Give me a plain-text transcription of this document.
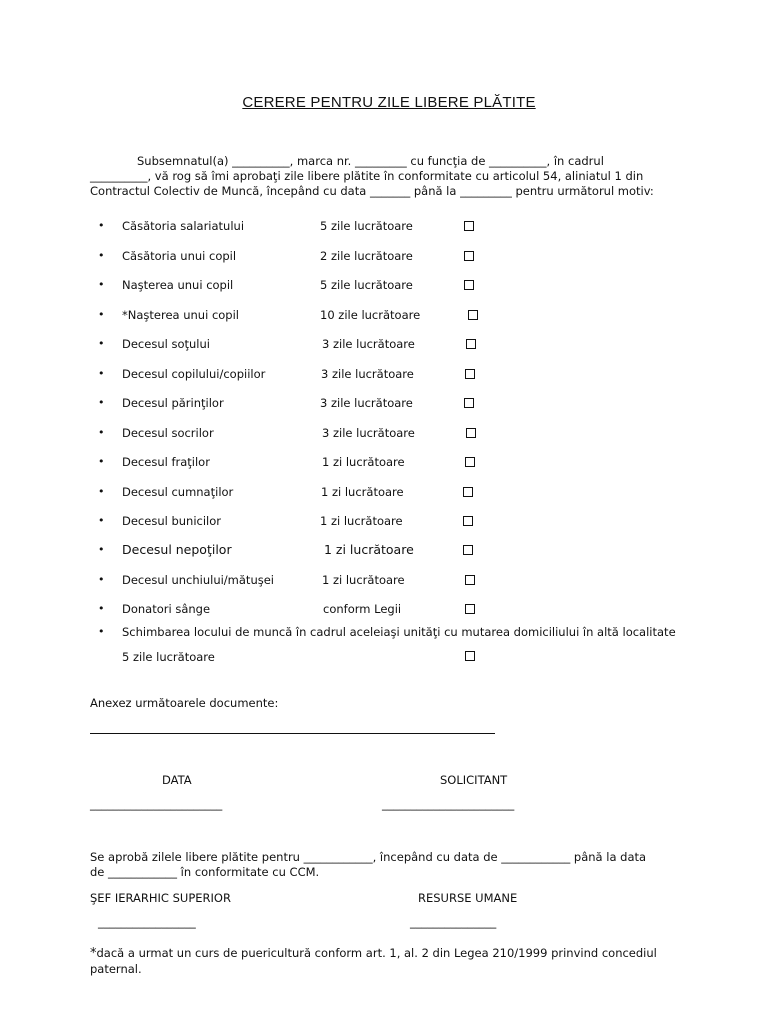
CERERE PENTRU ZILE LIBERE PLĂTITE
Subsemnatul(a) __________, marca nr. _________ cu funcţia de __________, în cadrul
__________, vă rog să îmi aprobaţi zile libere plătite în conformitate cu articolul 54, aliniatul 1 din
Contractul Colectiv de Muncă, începând cu data _______ până la _________ pentru următorul motiv:
• Căsătoria salariatului	5 zile lucrătoare
• Căsătoria unui copil	2 zile lucrătoare
• Naşterea unui copil	5 zile lucrătoare
• *Naşterea unui copil	10 zile lucrătoare
• Decesul soţului	3 zile lucrătoare
• Decesul copilului/copiilor	3 zile lucrătoare
• Decesul părinţilor	3 zile lucrătoare
• Decesul socrilor	3 zile lucrătoare
• Decesul fraţilor	1 zi lucrătoare
• Decesul cumnaţilor	1 zi lucrătoare
• Decesul bunicilor	1 zi lucrătoare
• Decesul nepoţilor	1 zi lucrătoare
• Decesul unchiului/mătuşei	1 zi lucrătoare
• Donatori sânge	conform Legii
• Schimbarea locului de muncă în cadrul aceleiaşi unităţi cu mutarea domiciliului în altă localitate
5 zile lucrătoare
Anexez următoarele documente:
DATA	SOLICITANT
_______________________	_______________________
Se aprobă zilele libere plătite pentru ____________, începând cu data de ____________ până la data
de ____________ în conformitate cu CCM.
ŞEF IERARHIC SUPERIOR	RESURSE UMANE
_________________	_______________
*dacă a urmat un curs de puericultură conform art. 1, al. 2 din Legea 210/1999 prinvind concediul
paternal.
